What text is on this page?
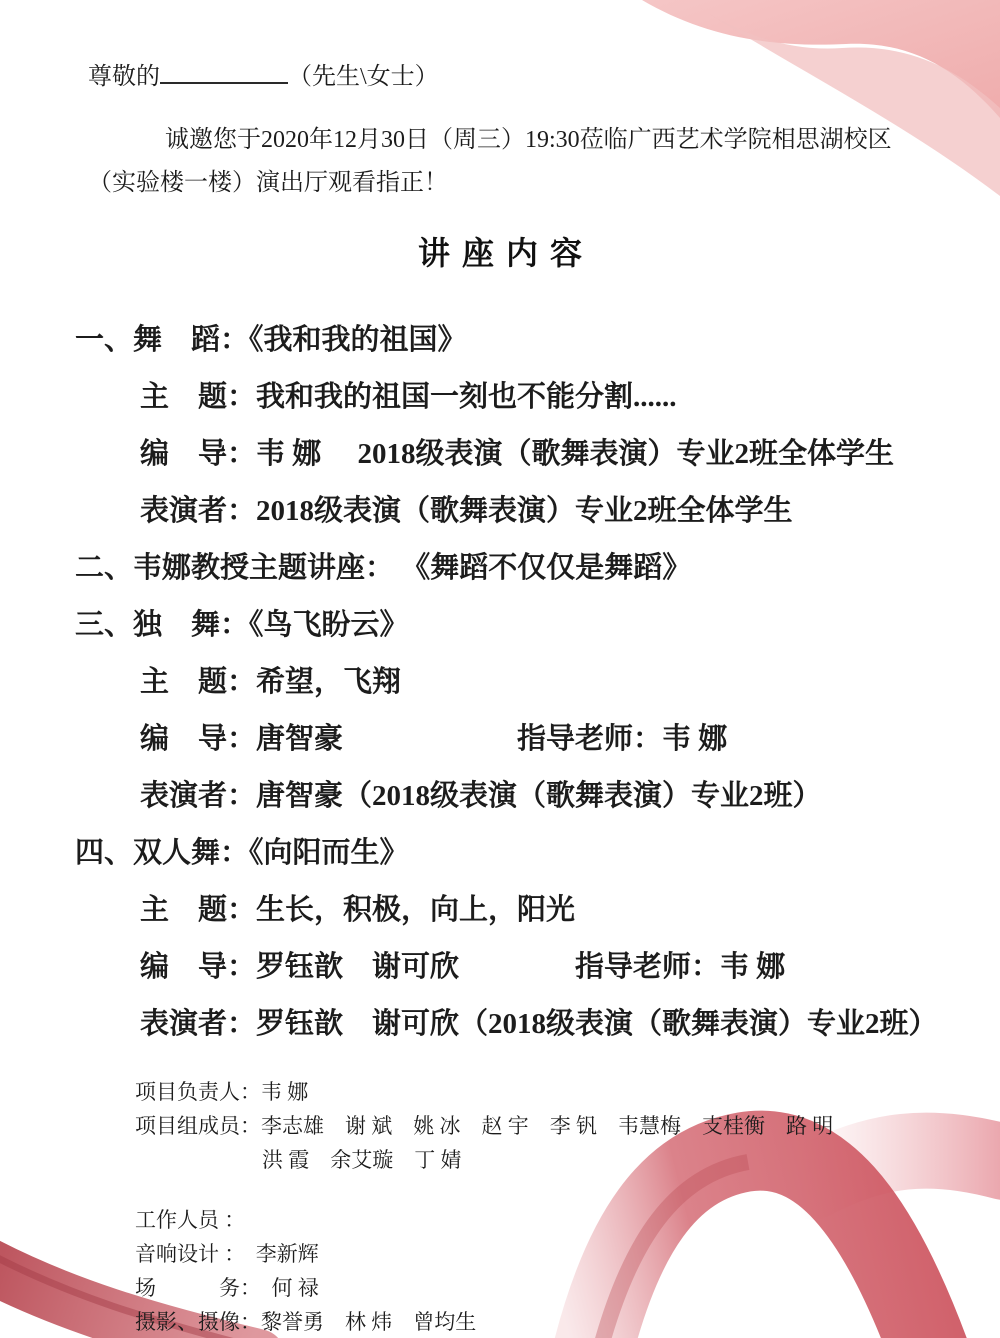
尊敬的	（先生\女士）
诚邀您于2020年12月30日（周三）19:30莅临广西艺术学院相思湖校区
（实验楼一楼）演出厅观看指正！
讲座内容
一、舞　蹈：《我和我的祖国》
主　题：我和我的祖国一刻也不能分割......
编　导：韦 娜　 2018级表演（歌舞表演）专业2班全体学生
表演者：2018级表演（歌舞表演）专业2班全体学生
二、韦娜教授主题讲座： 《舞蹈不仅仅是舞蹈》
三、独　舞：《鸟飞盼云》
主　题：希望，飞翔
编　导：唐智豪　　　　　　指导老师：韦 娜
表演者：唐智豪（2018级表演（歌舞表演）专业2班）
四、双人舞：《向阳而生》
主　题：生长，积极，向上，阳光
编　导：罗钰歆　谢可欣　　　　指导老师：韦 娜
表演者：罗钰歆　谢可欣（2018级表演（歌舞表演）专业2班）
项目负责人：韦 娜
项目组成员：李志雄　谢 斌　姚 冰　赵 宇　李 钒　韦慧梅　支桂衡　路 明
洪 霞　余艾璇　丁 婧
工作人员 ：
音响设计 ：　李新辉
场　　　务：　何 禄
摄影、摄像：黎誉勇　林 炜　曾均生
